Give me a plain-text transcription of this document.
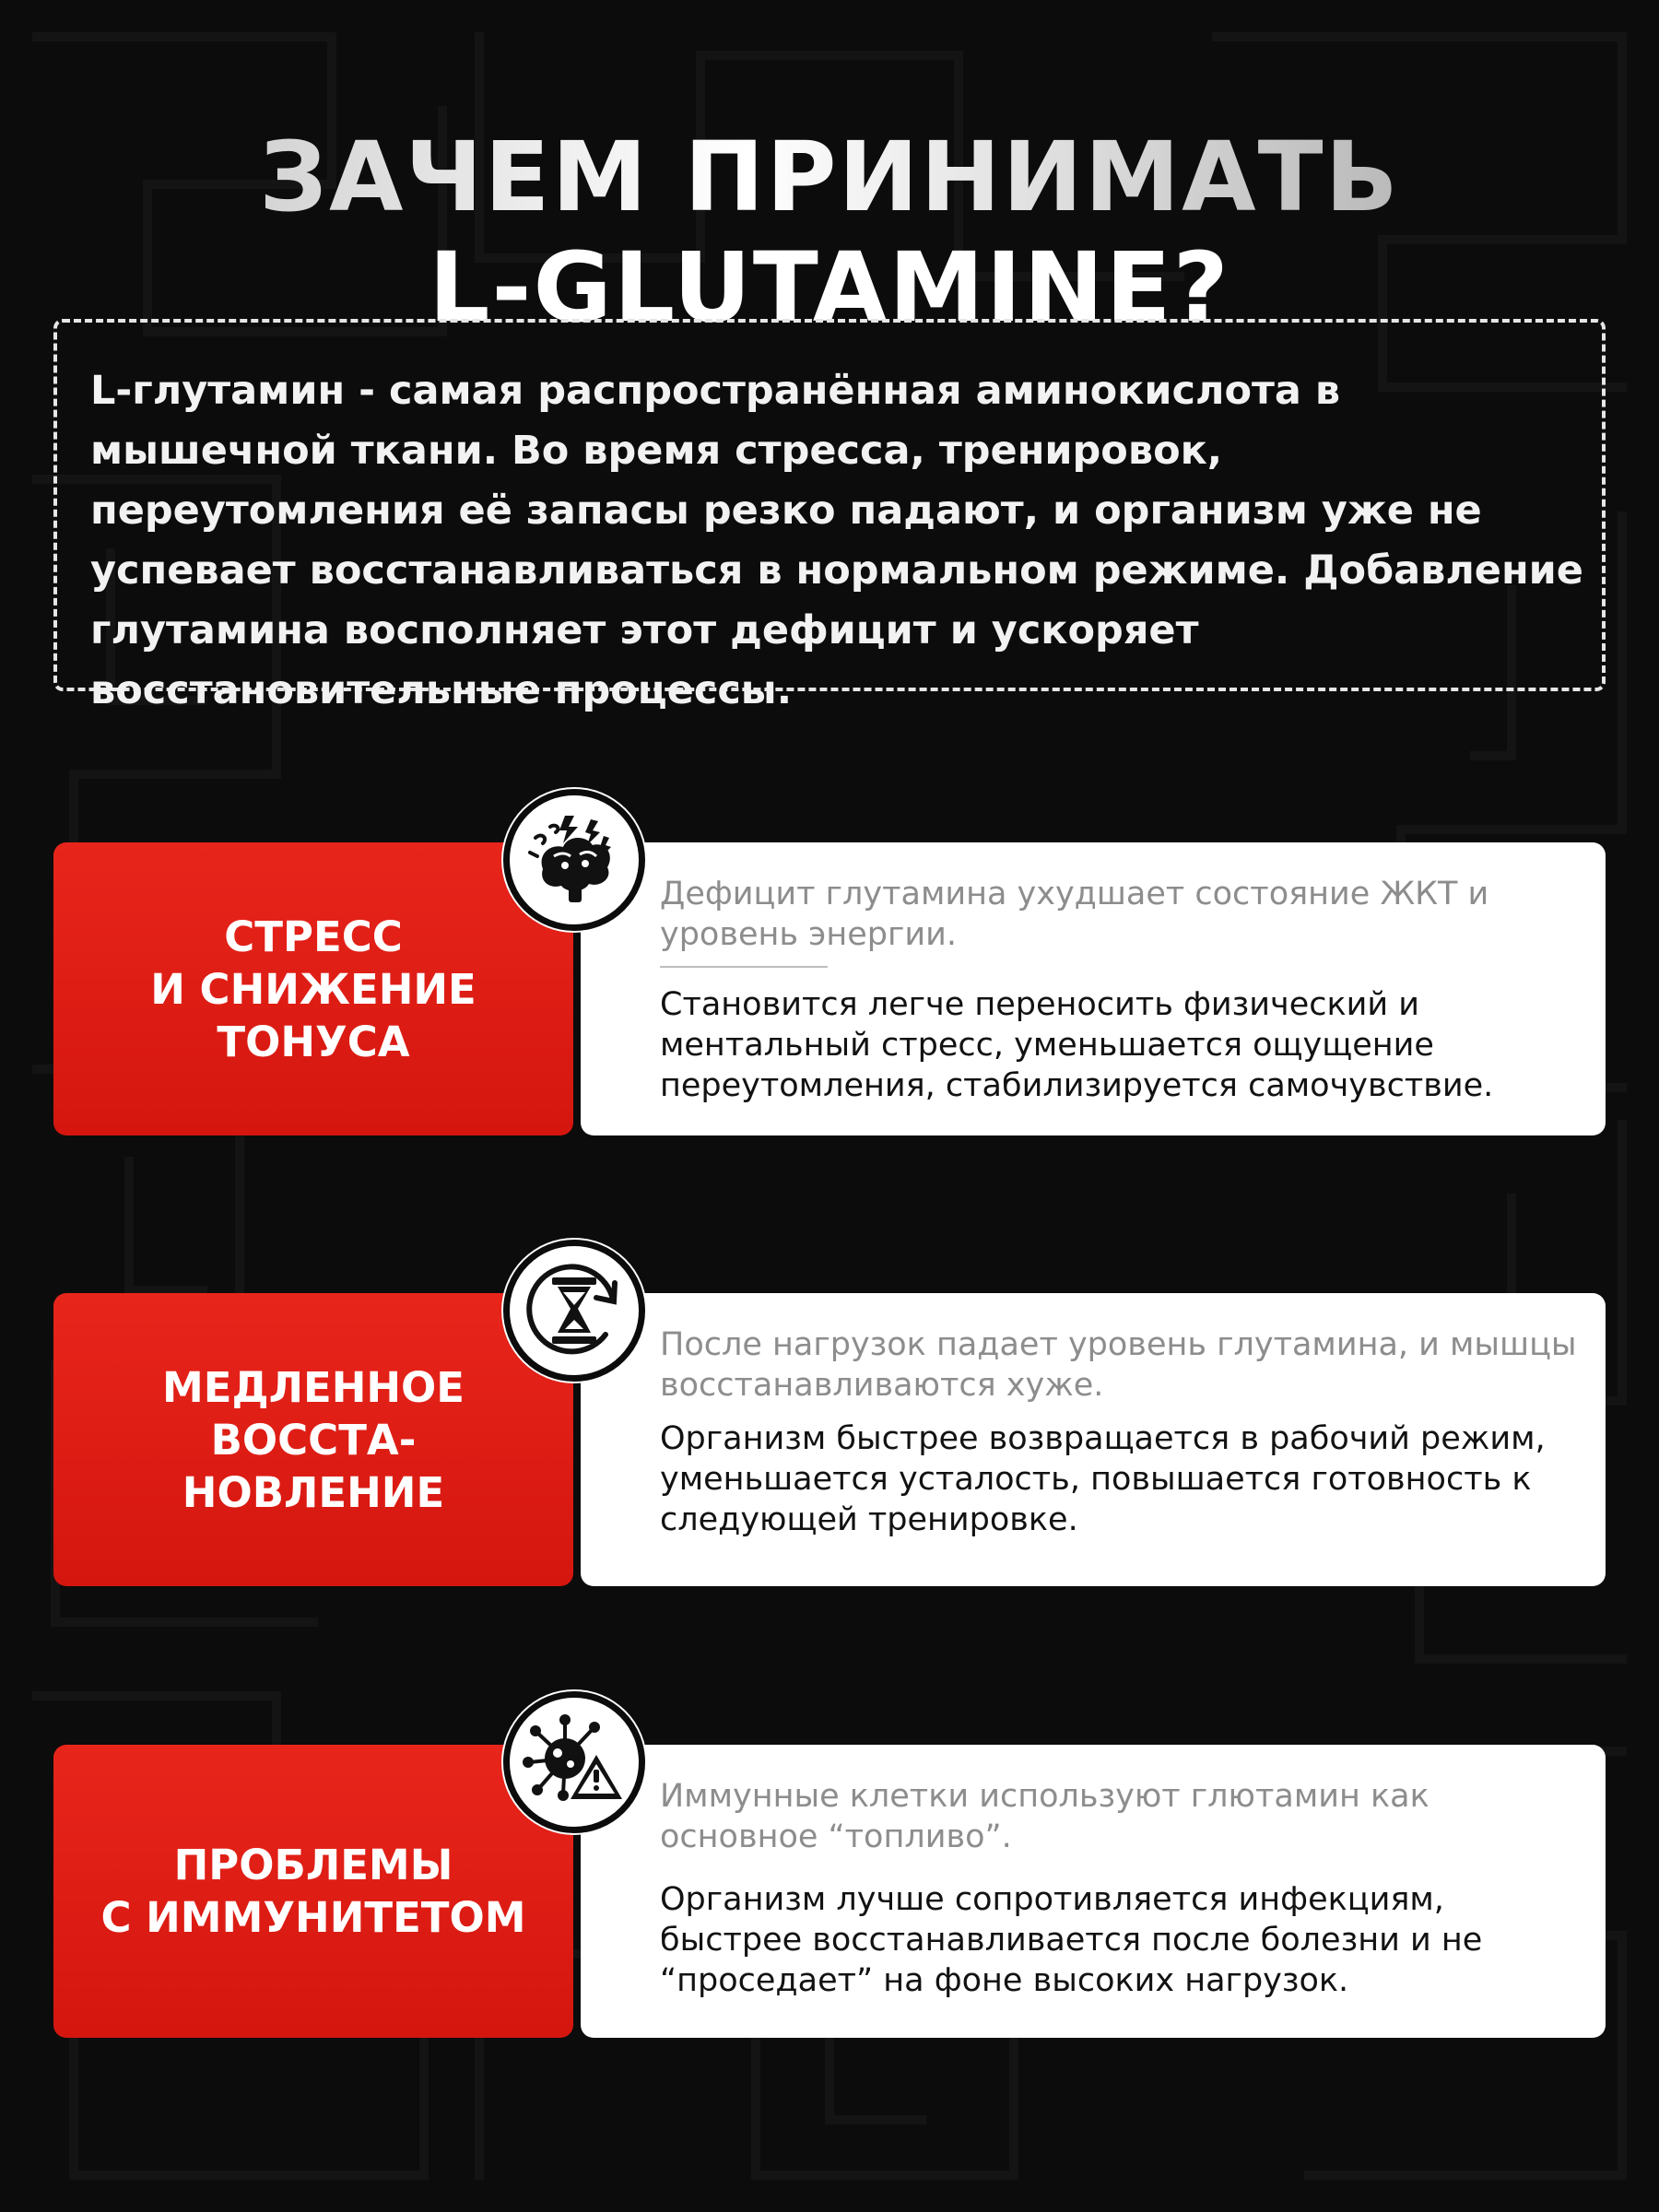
ЗАЧЕМ ПРИНИМАТЬ
L-GLUTAMINE?

L-глутамин - самая распространённая аминокислота в мышечной ткани. Во время стресса, тренировок, переутомления её запасы резко падают, и организм уже не успевает восстанавливаться в нормальном режиме. Добавление глутамина восполняет этот дефицит и ускоряет восстановительные процессы.

СТРЕСС
И СНИЖЕНИЕ
ТОНУСА

Дефицит глутамина ухудшает состояние ЖКТ и уровень энергии.

Становится легче переносить физический и ментальный стресс, уменьшается ощущение переутомления, стабилизируется самочувствие.

МЕДЛЕННОЕ
ВОССТА-
НОВЛЕНИЕ

После нагрузок падает уровень глутамина, и мышцы восстанавливаются хуже.

Организм быстрее возвращается в рабочий режим, уменьшается усталость, повышается готовность к следующей тренировке.

ПРОБЛЕМЫ
С ИММУНИТЕТОМ

Иммунные клетки используют глютамин как основное “топливо”.

Организм лучше сопротивляется инфекциям, быстрее восстанавливается после болезни и не “проседает” на фоне высоких нагрузок.
